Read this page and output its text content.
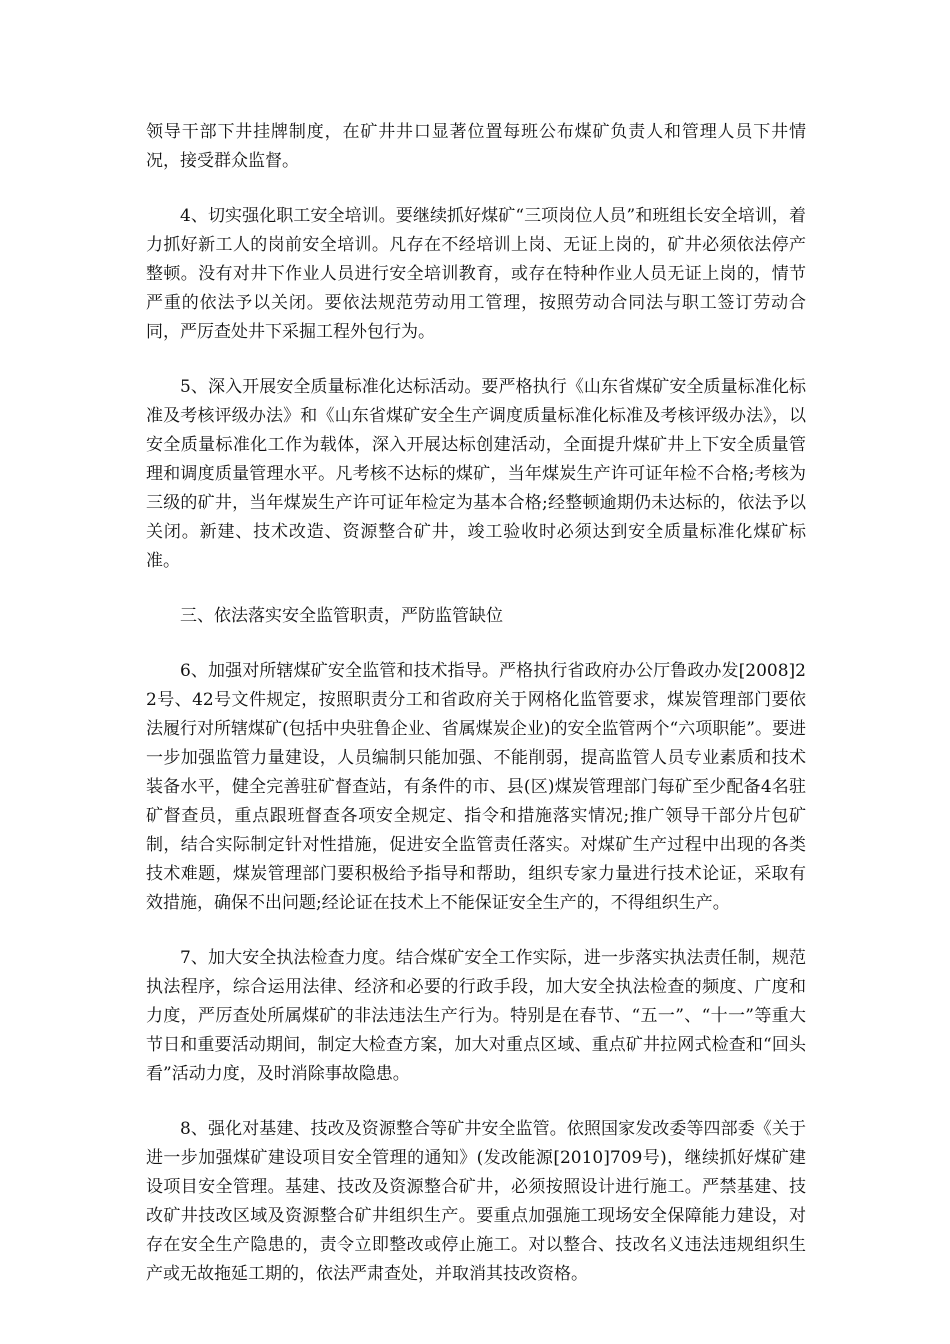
领导干部下井挂牌制度，在矿井井口显著位置每班公布煤矿负责人和管理人员下井情况，接受群众监督。

4、切实强化职工安全培训。要继续抓好煤矿“三项岗位人员”和班组长安全培训，着力抓好新工人的岗前安全培训。凡存在不经培训上岗、无证上岗的，矿井必须依法停产整顿。没有对井下作业人员进行安全培训教育，或存在特种作业人员无证上岗的，情节严重的依法予以关闭。要依法规范劳动用工管理，按照劳动合同法与职工签订劳动合同，严厉查处井下采掘工程外包行为。

5、深入开展安全质量标准化达标活动。要严格执行《山东省煤矿安全质量标准化标准及考核评级办法》和《山东省煤矿安全生产调度质量标准化标准及考核评级办法》，以安全质量标准化工作为载体，深入开展达标创建活动，全面提升煤矿井上下安全质量管理和调度质量管理水平。凡考核不达标的煤矿，当年煤炭生产许可证年检不合格;考核为三级的矿井，当年煤炭生产许可证年检定为基本合格;经整顿逾期仍未达标的，依法予以关闭。新建、技术改造、资源整合矿井，竣工验收时必须达到安全质量标准化煤矿标准。

三、依法落实安全监管职责，严防监管缺位

6、加强对所辖煤矿安全监管和技术指导。严格执行省政府办公厅鲁政办发[2008]22号、42号文件规定，按照职责分工和省政府关于网格化监管要求，煤炭管理部门要依法履行对所辖煤矿(包括中央驻鲁企业、省属煤炭企业)的安全监管两个“六项职能”。要进一步加强监管力量建设，人员编制只能加强、不能削弱，提高监管人员专业素质和技术装备水平，健全完善驻矿督查站，有条件的市、县(区)煤炭管理部门每矿至少配备4名驻矿督查员，重点跟班督查各项安全规定、指令和措施落实情况;推广领导干部分片包矿制，结合实际制定针对性措施，促进安全监管责任落实。对煤矿生产过程中出现的各类技术难题，煤炭管理部门要积极给予指导和帮助，组织专家力量进行技术论证，采取有效措施，确保不出问题;经论证在技术上不能保证安全生产的，不得组织生产。

7、加大安全执法检查力度。结合煤矿安全工作实际，进一步落实执法责任制，规范执法程序，综合运用法律、经济和必要的行政手段，加大安全执法检查的频度、广度和力度，严厉查处所属煤矿的非法违法生产行为。特别是在春节、“五一”、“十一”等重大节日和重要活动期间，制定大检查方案，加大对重点区域、重点矿井拉网式检查和“回头看”活动力度，及时消除事故隐患。

8、强化对基建、技改及资源整合等矿井安全监管。依照国家发改委等四部委《关于进一步加强煤矿建设项目安全管理的通知》(发改能源[2010]709号)，继续抓好煤矿建设项目安全管理。基建、技改及资源整合矿井，必须按照设计进行施工。严禁基建、技改矿井技改区域及资源整合矿井组织生产。要重点加强施工现场安全保障能力建设，对存在安全生产隐患的，责令立即整改或停止施工。对以整合、技改名义违法违规组织生产或无故拖延工期的，依法严肃查处，并取消其技改资格。
